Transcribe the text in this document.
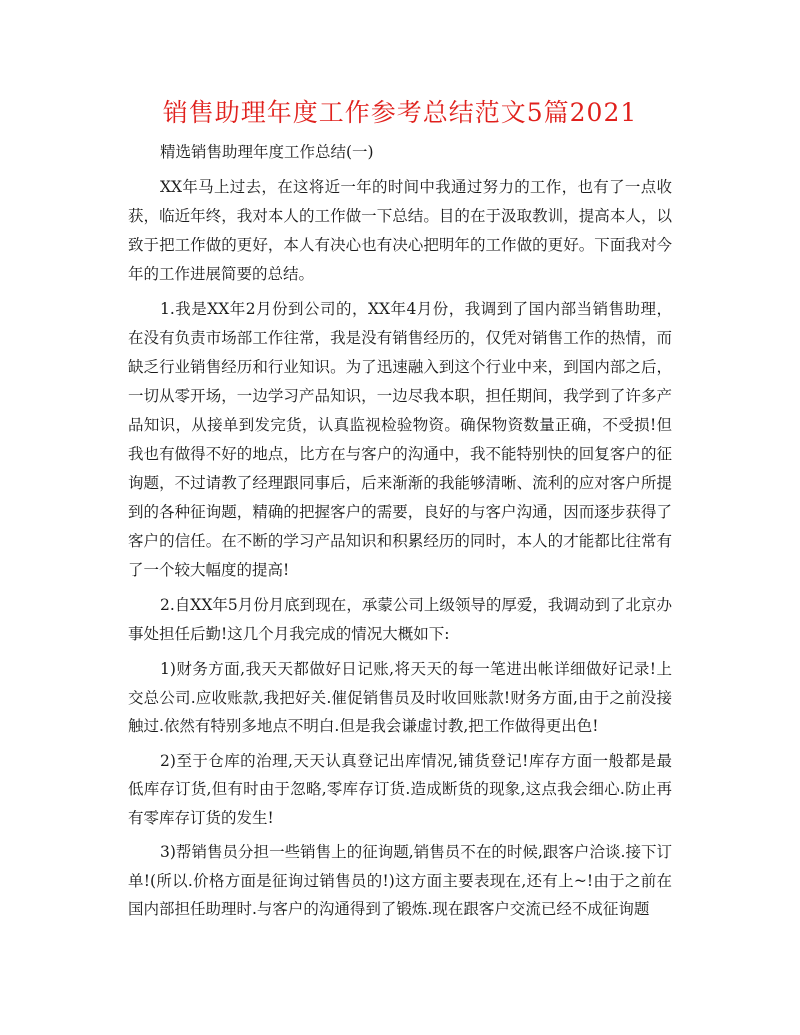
销售助理年度工作参考总结范文5篇2021

精选销售助理年度工作总结(一)

XX年马上过去，在这将近一年的时间中我通过努力的工作，也有了一点收获，临近年终，我对本人的工作做一下总结。目的在于汲取教训，提高本人，以致于把工作做的更好，本人有决心也有决心把明年的工作做的更好。下面我对今年的工作进展简要的总结。

1.我是XX年2月份到公司的，XX年4月份，我调到了国内部当销售助理，在没有负责市场部工作往常，我是没有销售经历的，仅凭对销售工作的热情，而缺乏行业销售经历和行业知识。为了迅速融入到这个行业中来，到国内部之后，一切从零开场，一边学习产品知识，一边尽我本职，担任期间，我学到了许多产品知识，从接单到发完货，认真监视检验物资。确保物资数量正确，不受损!但我也有做得不好的地点，比方在与客户的沟通中，我不能特别快的回复客户的征询题，不过请教了经理跟同事后，后来渐渐的我能够清晰、流利的应对客户所提到的各种征询题，精确的把握客户的需要，良好的与客户沟通，因而逐步获得了客户的信任。在不断的学习产品知识和积累经历的同时，本人的才能都比往常有了一个较大幅度的提高!

2.自XX年5月份月底到现在，承蒙公司上级领导的厚爱，我调动到了北京办事处担任后勤!这几个月我完成的情况大概如下:

1)财务方面,我天天都做好日记账,将天天的每一笔进出帐详细做好记录!上交总公司.应收账款,我把好关.催促销售员及时收回账款!财务方面,由于之前没接触过.依然有特别多地点不明白.但是我会谦虚讨教,把工作做得更出色!

2)至于仓库的治理,天天认真登记出库情况,铺货登记!库存方面一般都是最低库存订货,但有时由于忽略,零库存订货.造成断货的现象,这点我会细心.防止再有零库存订货的发生!

3)帮销售员分担一些销售上的征询题,销售员不在的时候,跟客户洽谈.接下订单!(所以.价格方面是征询过销售员的!)这方面主要表现在,还有上~!由于之前在国内部担任助理时.与客户的沟通得到了锻炼.现在跟客户交流已经不成征询题
